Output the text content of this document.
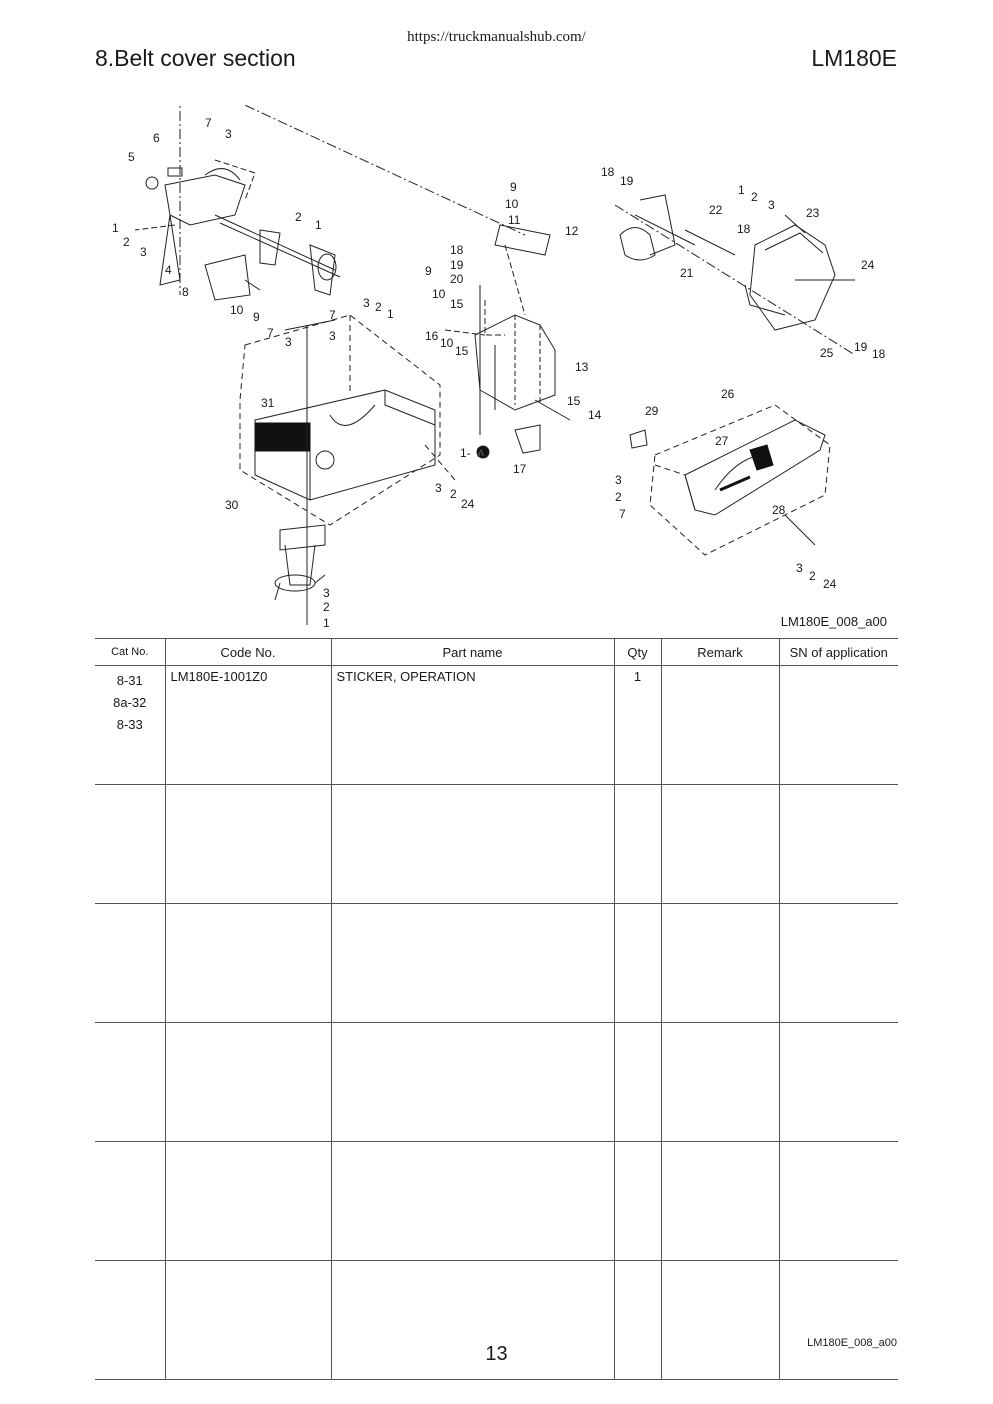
https://truckmanualshub.com/
8.Belt cover section	LM180E
A
7
3
6
5
1
2
3
4
8
2
1
10 9
3 2 1
7
3
7
3
31
30
9
10
15
18
19
20
16 10
15
9
10
11
12
13
15
14
17
3 2
24
18
19
1 2
3
22
18
23
24
21
25 19 18
26
29
27
28
3
2
7
3
2
24
3
2
1
1-
LM180E_008_a00
Cat No.	Code No.	Part name	Qty	Remark	SN of application

8-31
8a-32
8-33	LM180E-1001Z0	STICKER, OPERATION	1		

13	LM180E_008_a00
